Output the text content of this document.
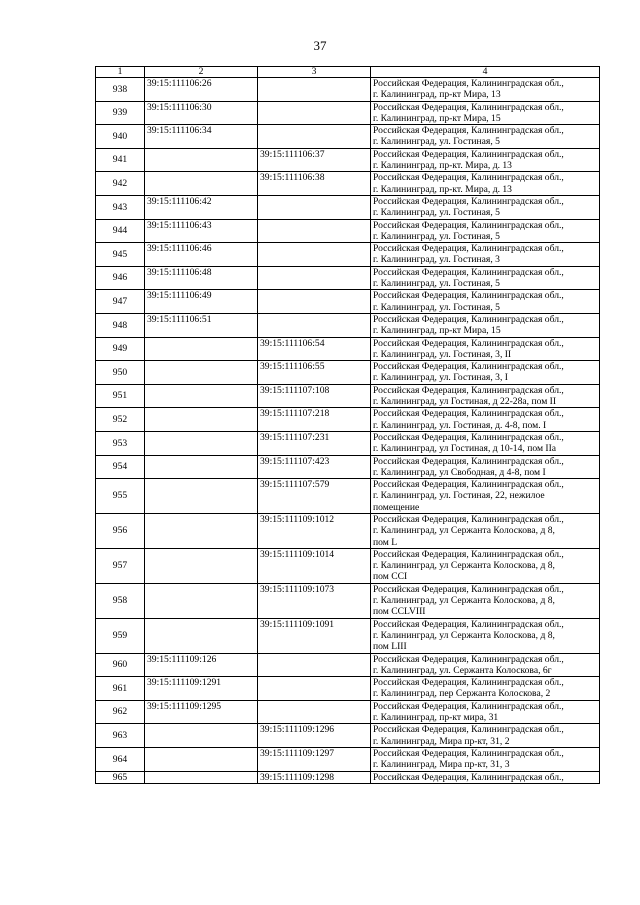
37
1	2	3	4
938	39:15:111106:26		Российская Федерация, Калининградская обл.,
г. Калининград, пр-кт Мира, 13
939	39:15:111106:30		Российская Федерация, Калининградская обл.,
г. Калининград, пр-кт Мира, 15
940	39:15:111106:34		Российская Федерация, Калининградская обл.,
г. Калининград, ул. Гостиная, 5
941		39:15:111106:37	Российская Федерация, Калининградская обл.,
г. Калининград, пр-кт. Мира, д. 13
942		39:15:111106:38	Российская Федерация, Калининградская обл.,
г. Калининград, пр-кт. Мира, д. 13
943	39:15:111106:42		Российская Федерация, Калининградская обл.,
г. Калининград, ул. Гостиная, 5
944	39:15:111106:43		Российская Федерация, Калининградская обл.,
г. Калининград, ул. Гостиная, 5
945	39:15:111106:46		Российская Федерация, Калининградская обл.,
г. Калининград, ул. Гостиная, 3
946	39:15:111106:48		Российская Федерация, Калининградская обл.,
г. Калининград, ул. Гостиная, 5
947	39:15:111106:49		Российская Федерация, Калининградская обл.,
г. Калининград, ул. Гостиная, 5
948	39:15:111106:51		Российская Федерация, Калининградская обл.,
г. Калининград, пр-кт Мира, 15
949		39:15:111106:54	Российская Федерация, Калининградская обл.,
г. Калининград, ул. Гостиная, 3, II
950		39:15:111106:55	Российская Федерация, Калининградская обл.,
г. Калининград, ул. Гостиная, 3, I
951		39:15:111107:108	Российская Федерация, Калининградская обл.,
г. Калининград, ул Гостиная, д 22-28а, пом II
952		39:15:111107:218	Российская Федерация, Калининградская обл.,
г. Калининград, ул. Гостиная, д. 4-8, пом. I
953		39:15:111107:231	Российская Федерация, Калининградская обл.,
г. Калининград, ул Гостиная, д 10-14, пом IIа
954		39:15:111107:423	Российская Федерация, Калининградская обл.,
г. Калининград, ул Свободная, д 4-8, пом I
955		39:15:111107:579	Российская Федерация, Калининградская обл.,
г. Калининград, ул. Гостиная, 22, нежилое
помещение
956		39:15:111109:1012	Российская Федерация, Калининградская обл.,
г. Калининград, ул Сержанта Колоскова, д 8,
пом L
957		39:15:111109:1014	Российская Федерация, Калининградская обл.,
г. Калининград, ул Сержанта Колоскова, д 8,
пом CCI
958		39:15:111109:1073	Российская Федерация, Калининградская обл.,
г. Калининград, ул Сержанта Колоскова, д 8,
пом CCLVIII
959		39:15:111109:1091	Российская Федерация, Калининградская обл.,
г. Калининград, ул Сержанта Колоскова, д 8,
пом LIII
960	39:15:111109:126		Российская Федерация, Калининградская обл.,
г. Калининград, ул. Сержанта Колоскова, 6г
961	39:15:111109:1291		Российская Федерация, Калининградская обл.,
г. Калининград, пер Сержанта Колоскова, 2
962	39:15:111109:1295		Российская Федерация, Калининградская обл.,
г. Калининград, пр-кт мира, 31
963		39:15:111109:1296	Российская Федерация, Калининградская обл.,
г. Калининград, Мира пр-кт, 31, 2
964		39:15:111109:1297	Российская Федерация, Калининградская обл.,
г. Калининград, Мира пр-кт, 31, 3
965		39:15:111109:1298	Российская Федерация, Калининградская обл.,
